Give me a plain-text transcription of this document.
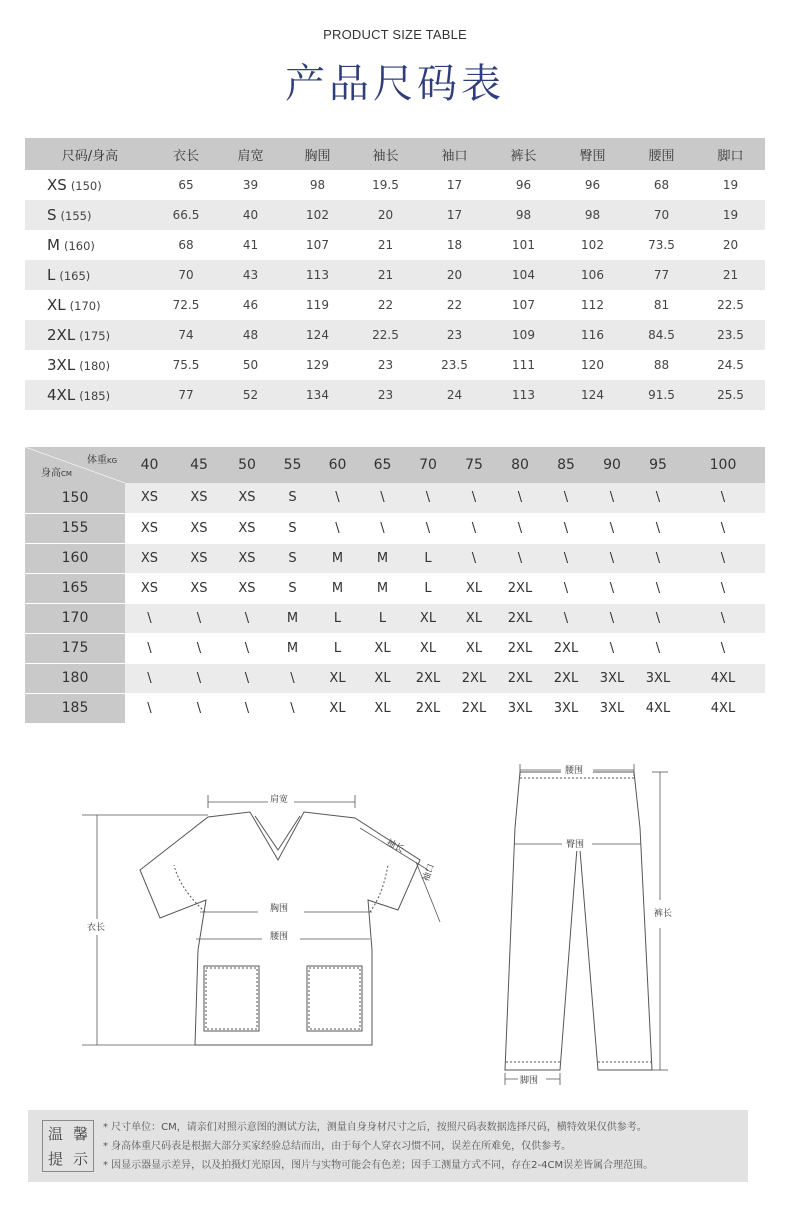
PRODUCT SIZE TABLE
产品尺码表
尺码/身高	衣长	肩宽	胸围	袖长	袖口	裤长	臀围	腰围	脚口
XS (150)	65	39	98	19.5	17	96	96	68	19
S (155)	66.5	40	102	20	17	98	98	70	19
M (160)	68	41	107	21	18	101	102	73.5	20
L (165)	70	43	113	21	20	104	106	77	21
XL (170)	72.5	46	119	22	22	107	112	81	22.5
2XL (175)	74	48	124	22.5	23	109	116	84.5	23.5
3XL (180)	75.5	50	129	23	23.5	111	120	88	24.5
4XL (185)	77	52	134	23	24	113	124	91.5	25.5
体重KG
身高CM	40	45	50	55	60	65	70	75	80	85	90	95	100
150	XS	XS	XS	S	\	\	\	\	\	\	\	\	\
155	XS	XS	XS	S	\	\	\	\	\	\	\	\	\
160	XS	XS	XS	S	M	M	L	\	\	\	\	\	\
165	XS	XS	XS	S	M	M	L	XL	2XL	\	\	\	\
170	\	\	\	M	L	L	XL	XL	2XL	\	\	\	\
175	\	\	\	M	L	XL	XL	XL	2XL	2XL	\	\	\
180	\	\	\	\	XL	XL	2XL	2XL	2XL	2XL	3XL	3XL	4XL
185	\	\	\	\	XL	XL	2XL	2XL	3XL	3XL	3XL	4XL	4XL
肩宽
衣长
袖长
袖口
胸围
腰围
腰围
臀围
裤长
脚围
温 馨
提 示

* 尺寸单位：CM，请亲们对照示意图的测试方法，测量自身身材尺寸之后，按照尺码表数据选择尺码，横特效果仅供参考。

* 身高体重尺码表是根据大部分买家经验总结而出，由于每个人穿衣习惯不同，误差在所难免，仅供参考。

* 因显示器显示差异，以及拍摄灯光原因，图片与实物可能会有色差；因手工测量方式不同，存在2-4CM误差皆属合理范围。
